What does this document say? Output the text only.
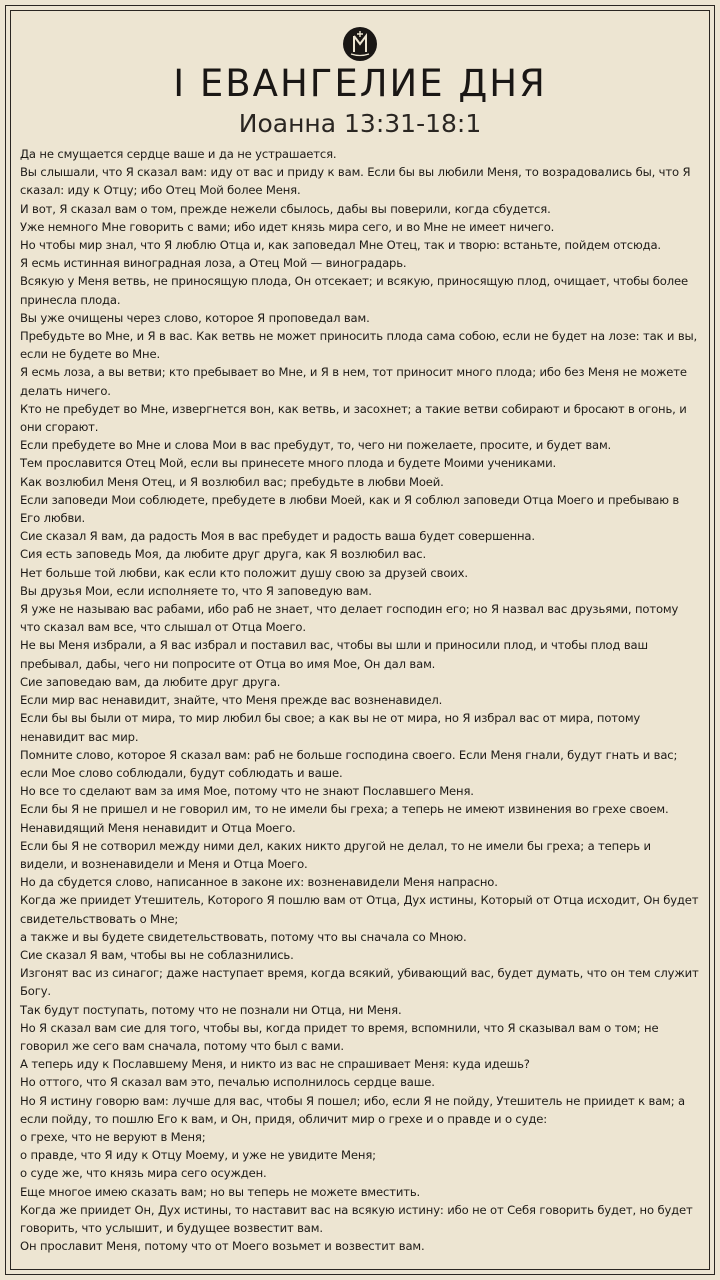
I ЕВАНГЕЛИЕ ДНЯ
Иоанна 13:31-18:1

Да не смущается сердце ваше и да не устрашается.

Вы слышали, что Я сказал вам: иду от вас и приду к вам. Если бы вы любили Меня, то возрадовались бы, что Я сказал: иду к Отцу; ибо Отец Мой более Меня.

И вот, Я сказал вам о том, прежде нежели сбылось, дабы вы поверили, когда сбудется.

Уже немного Мне говорить с вами; ибо идет князь мира сего, и во Мне не имеет ничего.

Но чтобы мир знал, что Я люблю Отца и, как заповедал Мне Отец, так и творю: встаньте, пойдем отсюда.

Я есмь истинная виноградная лоза, а Отец Мой — виноградарь.

Всякую у Меня ветвь, не приносящую плода, Он отсекает; и всякую, приносящую плод, очищает, чтобы более принесла плода.

Вы уже очищены через слово, которое Я проповедал вам.

Пребудьте во Мне, и Я в вас. Как ветвь не может приносить плода сама собою, если не будет на лозе: так и вы, если не будете во Мне.

Я есмь лоза, а вы ветви; кто пребывает во Мне, и Я в нем, тот приносит много плода; ибо без Меня не можете делать ничего.

Кто не пребудет во Мне, извергнется вон, как ветвь, и засохнет; а такие ветви собирают и бросают в огонь, и они сгорают.

Если пребудете во Мне и слова Мои в вас пребудут, то, чего ни пожелаете, просите, и будет вам.

Тем прославится Отец Мой, если вы принесете много плода и будете Моими учениками.

Как возлюбил Меня Отец, и Я возлюбил вас; пребудьте в любви Моей.

Если заповеди Мои соблюдете, пребудете в любви Моей, как и Я соблюл заповеди Отца Моего и пребываю в Его любви.

Сие сказал Я вам, да радость Моя в вас пребудет и радость ваша будет совершенна.

Сия есть заповедь Моя, да любите друг друга, как Я возлюбил вас.

Нет больше той любви, как если кто положит душу свою за друзей своих.

Вы друзья Мои, если исполняете то, что Я заповедую вам.

Я уже не называю вас рабами, ибо раб не знает, что делает господин его; но Я назвал вас друзьями, потому что сказал вам все, что слышал от Отца Моего.

Не вы Меня избрали, а Я вас избрал и поставил вас, чтобы вы шли и приносили плод, и чтобы плод ваш пребывал, дабы, чего ни попросите от Отца во имя Мое, Он дал вам.

Сие заповедаю вам, да любите друг друга.

Если мир вас ненавидит, знайте, что Меня прежде вас возненавидел.

Если бы вы были от мира, то мир любил бы свое; а как вы не от мира, но Я избрал вас от мира, потому ненавидит вас мир.

Помните слово, которое Я сказал вам: раб не больше господина своего. Если Меня гнали, будут гнать и вас; если Мое слово соблюдали, будут соблюдать и ваше.

Но все то сделают вам за имя Мое, потому что не знают Пославшего Меня.

Если бы Я не пришел и не говорил им, то не имели бы греха; а теперь не имеют извинения во грехе своем.

Ненавидящий Меня ненавидит и Отца Моего.

Если бы Я не сотворил между ними дел, каких никто другой не делал, то не имели бы греха; а теперь и видели, и возненавидели и Меня и Отца Моего.

Но да сбудется слово, написанное в законе их: возненавидели Меня напрасно.

Когда же приидет Утешитель, Которого Я пошлю вам от Отца, Дух истины, Который от Отца исходит, Он будет свидетельствовать о Мне;

а также и вы будете свидетельствовать, потому что вы сначала со Мною.

Сие сказал Я вам, чтобы вы не соблазнились.

Изгонят вас из синагог; даже наступает время, когда всякий, убивающий вас, будет думать, что он тем служит Богу.

Так будут поступать, потому что не познали ни Отца, ни Меня.

Но Я сказал вам сие для того, чтобы вы, когда придет то время, вспомнили, что Я сказывал вам о том; не говорил же сего вам сначала, потому что был с вами.

А теперь иду к Пославшему Меня, и никто из вас не спрашивает Меня: куда идешь?

Но оттого, что Я сказал вам это, печалью исполнилось сердце ваше.

Но Я истину говорю вам: лучше для вас, чтобы Я пошел; ибо, если Я не пойду, Утешитель не приидет к вам; а если пойду, то пошлю Его к вам, и Он, придя, обличит мир о грехе и о правде и о суде:

о грехе, что не веруют в Меня;

о правде, что Я иду к Отцу Моему, и уже не увидите Меня;

о суде же, что князь мира сего осужден.

Еще многое имею сказать вам; но вы теперь не можете вместить.

Когда же приидет Он, Дух истины, то наставит вас на всякую истину: ибо не от Себя говорить будет, но будет говорить, что услышит, и будущее возвестит вам.

Он прославит Меня, потому что от Моего возьмет и возвестит вам.
